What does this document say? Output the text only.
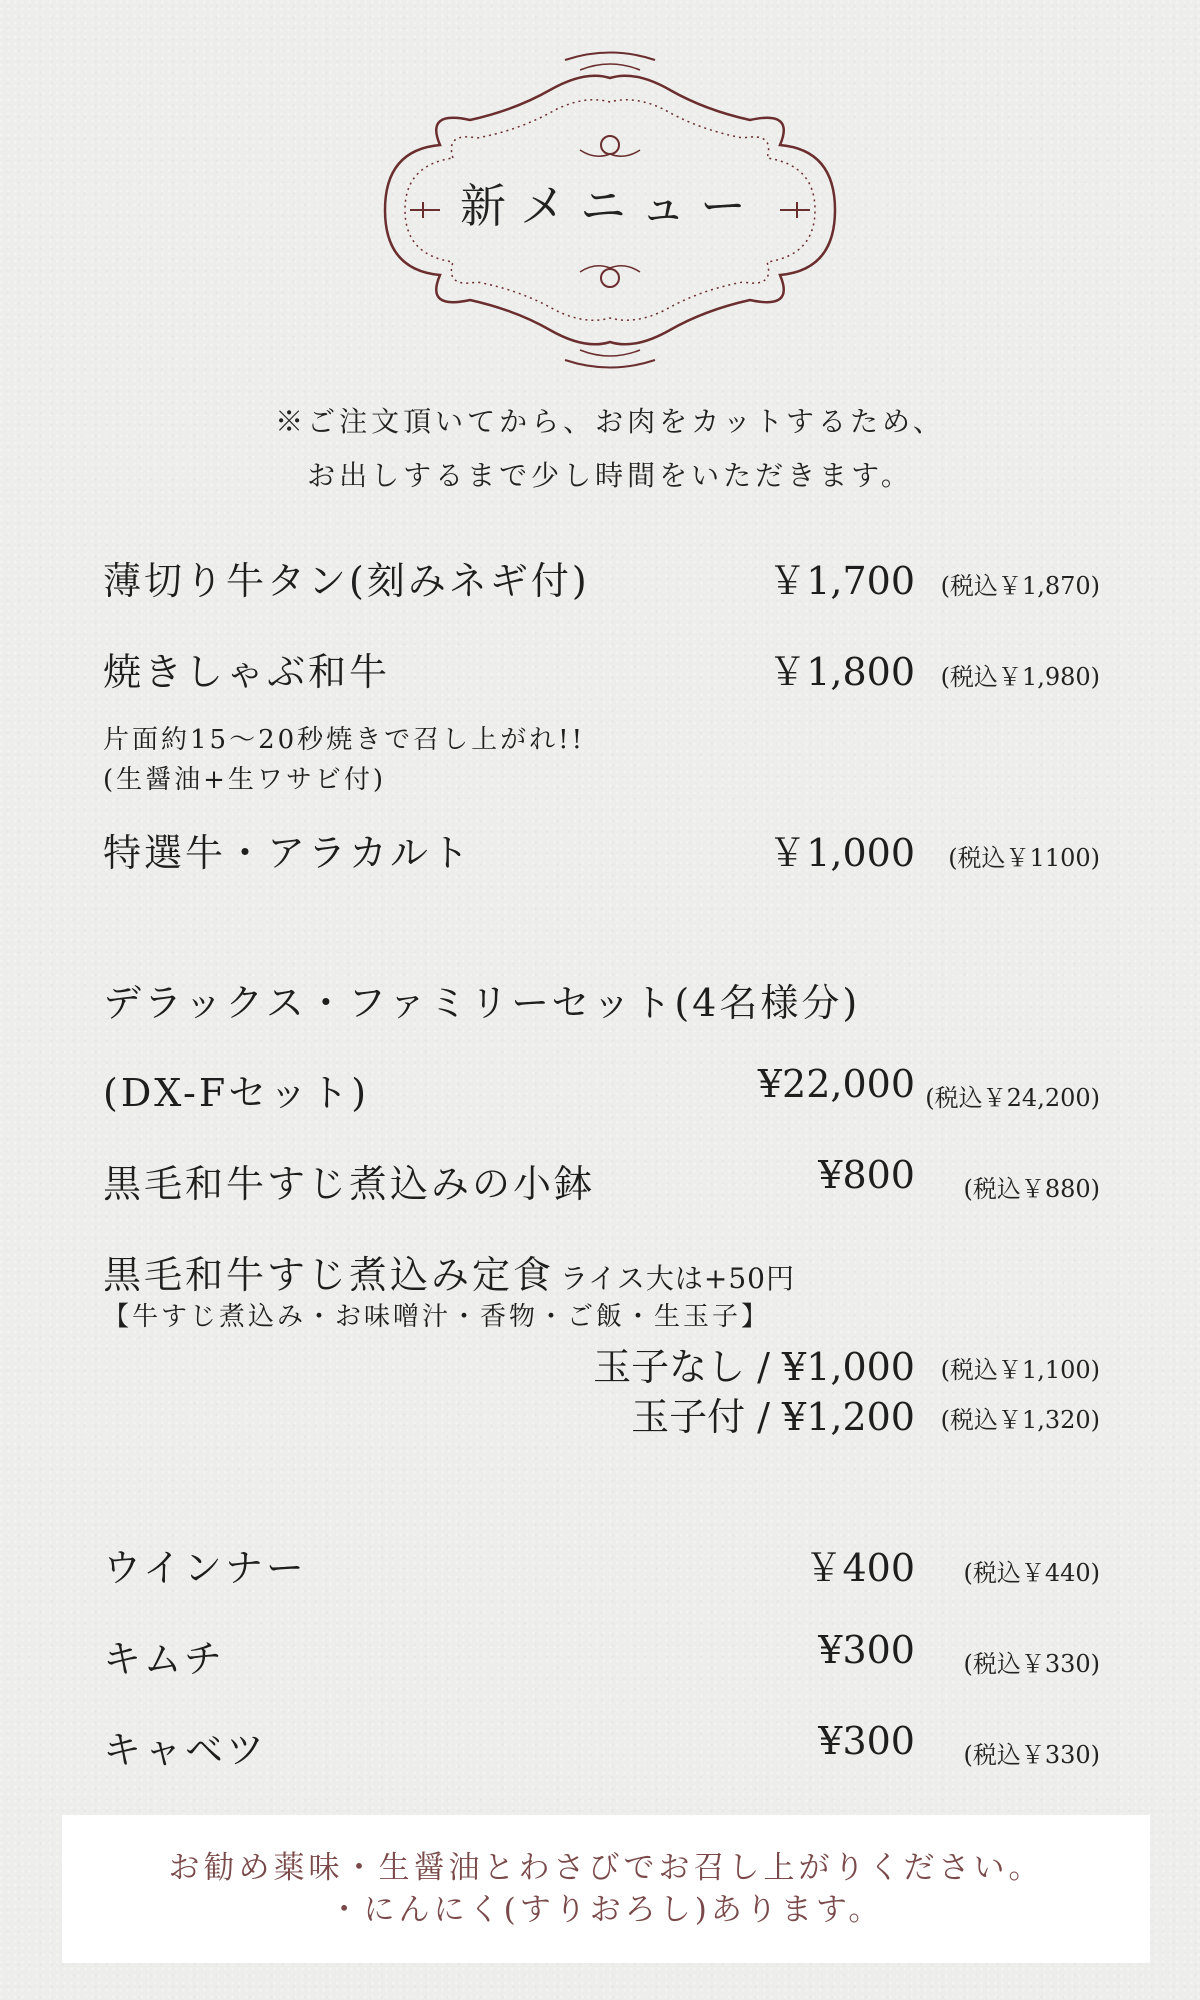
新メニュー
※ご注文頂いてから、お肉をカットするため、
お出しするまで少し時間をいただきます。
薄切り牛タン(刻みネギ付)	￥1,700 (税込￥1,870)
焼きしゃぶ和牛	￥1,800 (税込￥1,980)
片面約15〜20秒焼きで召し上がれ!!
(生醤油+生ワサビ付)
特選牛・アラカルト	￥1,000 (税込￥1100)
デラックス・ファミリーセット(4名様分)
(DX-Fセット)	¥22,000 (税込￥24,200)
黒毛和牛すじ煮込みの小鉢	¥800 (税込￥880)
黒毛和牛すじ煮込み定食 ライス大は+50円
【牛すじ煮込み・お味噌汁・香物・ご飯・生玉子】
玉子なし / ¥1,000 (税込￥1,100)
玉子付 / ¥1,200 (税込￥1,320)
ウインナー	￥400 (税込￥440)
キムチ	¥300 (税込￥330)
キャベツ	¥300 (税込￥330)
お勧め薬味・生醤油とわさびでお召し上がりください。
・にんにく(すりおろし)あります。
